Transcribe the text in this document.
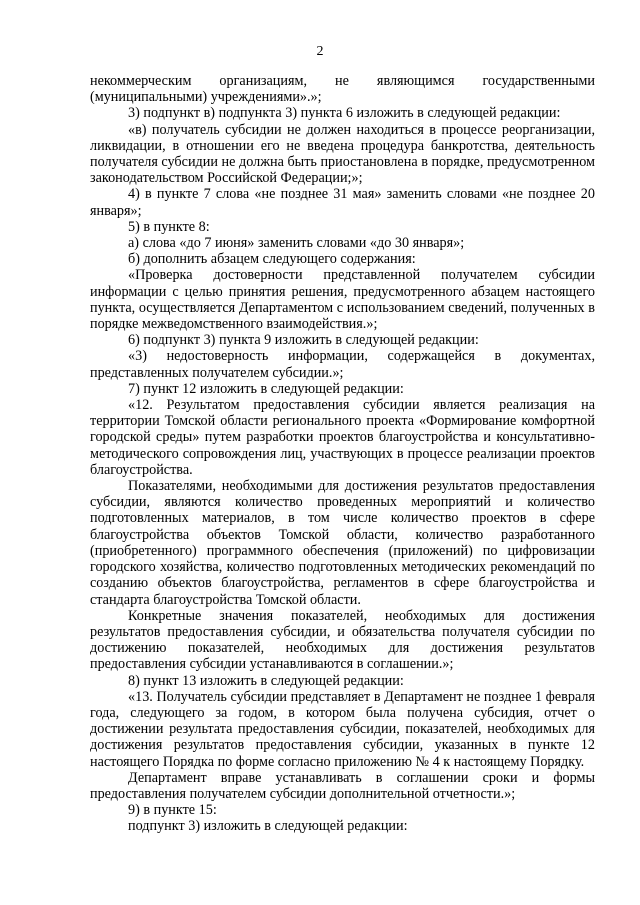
2

некоммерческим организациям, не являющимся государственными (муниципальными) учреждениями».»;

3) подпункт в) подпункта 3) пункта 6 изложить в следующей редакции:

«в) получатель субсидии не должен находиться в процессе реорганизации, ликвидации, в отношении его не введена процедура банкротства, деятельность получателя субсидии не должна быть приостановлена в порядке, предусмотренном законодательством Российской Федерации;»;

4) в пункте 7 слова «не позднее 31 мая» заменить словами «не позднее 20 января»;

5) в пункте 8:

а) слова «до 7 июня» заменить словами «до 30 января»;

б) дополнить абзацем следующего содержания:

«Проверка достоверности представленной получателем субсидии информации с целью принятия решения, предусмотренного абзацем настоящего пункта, осуществляется Департаментом с использованием сведений, полученных в порядке межведомственного взаимодействия.»;

6) подпункт 3) пункта 9 изложить в следующей редакции:

«3) недостоверность информации, содержащейся в документах, представленных получателем субсидии.»;

7) пункт 12 изложить в следующей редакции:

«12. Результатом предоставления субсидии является реализация на территории Томской области регионального проекта «Формирование комфортной городской среды» путем разработки проектов благоустройства и консультативно-методического сопровождения лиц, участвующих в процессе реализации проектов благоустройства.

Показателями, необходимыми для достижения результатов предоставления субсидии, являются количество проведенных мероприятий и количество подготовленных материалов, в том числе количество проектов в сфере благоустройства объектов Томской области, количество разработанного (приобретенного) программного обеспечения (приложений) по цифровизации городского хозяйства, количество подготовленных методических рекомендаций по созданию объектов благоустройства, регламентов в сфере благоустройства и стандарта благоустройства Томской области.

Конкретные значения показателей, необходимых для достижения результатов предоставления субсидии, и обязательства получателя субсидии по достижению показателей, необходимых для достижения результатов предоставления субсидии устанавливаются в соглашении.»;

8) пункт 13 изложить в следующей редакции:

«13. Получатель субсидии представляет в Департамент не позднее 1 февраля года, следующего за годом, в котором была получена субсидия, отчет о достижении результата предоставления субсидии, показателей, необходимых для достижения результатов предоставления субсидии, указанных в пункте 12 настоящего Порядка по форме согласно приложению № 4 к настоящему Порядку.

Департамент вправе устанавливать в соглашении сроки и формы предоставления получателем субсидии дополнительной отчетности.»;

9) в пункте 15:

подпункт 3) изложить в следующей редакции:
